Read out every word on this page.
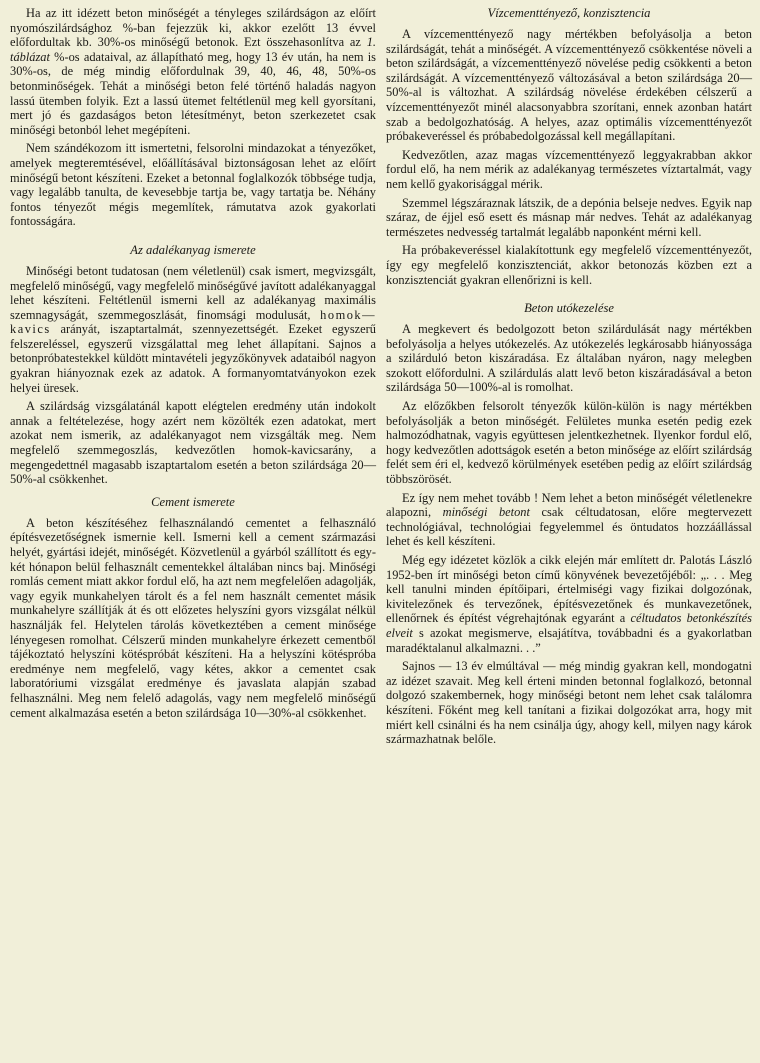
Ha az itt idézett beton minőségét a tényleges szilárdságon az előírt nyomószilárdsághoz %-ban fejezzük ki, akkor ezelőtt 13 évvel előfordultak kb. 30%-os minőségű betonok. Ezt összehasonlítva az 1. táblázat %-os adataival, az állapítható meg, hogy 13 év után, ha nem is 30%-os, de még mindig előfordulnak 39, 40, 46, 48, 50%-os betonminőségek. Tehát a minőségi beton felé történő haladás nagyon lassú ütemben folyik. Ezt a lassú ütemet feltétlenül meg kell gyorsítani, mert jó és gazdaságos beton létesítményt, beton szerkezetet csak minőségi betonból lehet megépíteni.

Nem szándékozom itt ismertetni, felsorolni mindazokat a tényezőket, amelyek megteremtésével, előállításával biztonságosan lehet az előírt minőségű betont készíteni. Ezeket a betonnal foglalkozók többsége tudja, vagy legalább tanulta, de kevesebbje tartja be, vagy tartatja be. Néhány fontos tényezőt mégis megemlítek, rámutatva azok gyakorlati fontosságára.

Az adalékanyag ismerete

Minőségi betont tudatosan (nem véletlenül) csak ismert, megvizsgált, megfelelő minőségű, vagy megfelelő minőségűvé javított adalékanyaggal lehet készíteni. Feltétlenül ismerni kell az adalékanyag maximális szemnagyságát, szemmegoszlását, finomsági modulusát, homok—kavics arányát, iszaptartalmát, szennyezettségét. Ezeket egyszerű felszereléssel, egyszerű vizsgálattal meg lehet állapítani. Sajnos a betonpróbatestekkel küldött mintavételi jegyzőkönyvek adataiból nagyon gyakran hiányoznak ezek az adatok. A formanyomtatványokon ezek helyei üresek.

A szilárdság vizsgálatánál kapott elégtelen eredmény után indokolt annak a feltételezése, hogy azért nem közölték ezen adatokat, mert azokat nem ismerik, az adalékanyagot nem vizsgálták meg. Nem megfelelő szemmegoszlás, kedvezőtlen homok-kavicsarány, a megengedettnél magasabb iszaptartalom esetén a beton szilárdsága 20—50%-al csökkenhet.

Cement ismerete

A beton készítéséhez felhasználandó cementet a felhasználó építésvezetőségnek ismernie kell. Ismerni kell a cement származási helyét, gyártási idejét, minőségét. Közvetlenül a gyárból szállított és egy-két hónapon belül felhasznált cementekkel általában nincs baj. Minőségi romlás cement miatt akkor fordul elő, ha azt nem megfelelően adagolják, vagy egyik munkahelyen tárolt és a fel nem használt cementet másik munkahelyre szállítják át és ott előzetes helyszíni gyors vizsgálat nélkül használják fel. Helytelen tárolás következtében a cement minősége lényegesen romolhat. Célszerű minden munkahelyre érkezett cementből tájékoztató helyszíni kötéspróbát készíteni. Ha a helyszíni kötéspróba eredménye nem megfelelő, vagy kétes, akkor a cementet csak laboratóriumi vizsgálat eredménye és javaslata alapján szabad felhasználni. Meg nem felelő adagolás, vagy nem megfelelő minőségű cement alkalmazása esetén a beton szilárdsága 10—30%-al csökkenhet.

Vízcementtényező, konzisztencia

A vízcementtényező nagy mértékben befolyásolja a beton szilárdságát, tehát a minőségét. A vízcementtényező csökkentése növeli a beton szilárdságát, a vízcementtényező növelése pedig csökkenti a beton szilárdságát. A vízcementtényező változásával a beton szilárdsága 20—50%-al is változhat. A szilárdság növelése érdekében célszerű a vízcementtényezőt minél alacsonyabbra szorítani, ennek azonban határt szab a bedolgozhatóság. A helyes, azaz optimális vízcementtényezőt próbakeveréssel és próbabedolgozással kell megállapítani.

Kedvezőtlen, azaz magas vízcementtényező leggyakrabban akkor fordul elő, ha nem mérik az adalékanyag természetes víztartalmát, vagy nem kellő gyakorisággal mérik.

Szemmel légszáraznak látszik, de a depónia belseje nedves. Egyik nap száraz, de éjjel eső esett és másnap már nedves. Tehát az adalékanyag természetes nedvesség tartalmát legalább naponként mérni kell.

Ha próbakeveréssel kialakítottunk egy megfelelő vízcementtényezőt, így egy megfelelő konzisztenciát, akkor betonozás közben ezt a konzisztenciát gyakran ellenőrizni is kell.

Beton utókezelése

A megkevert és bedolgozott beton szilárdulását nagy mértékben befolyásolja a helyes utókezelés. Az utókezelés legkárosabb hiányossága a szilárduló beton kiszáradása. Ez általában nyáron, nagy melegben szokott előfordulni. A szilárdulás alatt levő beton kiszáradásával a beton szilárdsága 50—100%-al is romolhat.

Az előzőkben felsorolt tényezők külön-külön is nagy mértékben befolyásolják a beton minőségét. Felületes munka esetén pedig ezek halmozódhatnak, vagyis együttesen jelentkezhetnek. Ilyenkor fordul elő, hogy kedvezőtlen adottságok esetén a beton minősége az előírt szilárdság felét sem éri el, kedvező körülmények esetében pedig az előírt szilárdság többszörösét.

Ez így nem mehet tovább ! Nem lehet a beton minőségét véletlenekre alapozni, minőségi betont csak céltudatosan, előre megtervezett technológiával, technológiai fegyelemmel és öntudatos hozzáállással lehet és kell készíteni.

Még egy idézetet közlök a cikk elején már említett dr. Palotás László 1952-ben írt minőségi beton című könyvének bevezetőjéből: „. . . Meg kell tanulni minden építőipari, értelmiségi vagy fizikai dolgozónak, kivitelezőnek és tervezőnek, építésvezetőnek és munkavezetőnek, ellenőrnek és építést végrehajtónak egyaránt a céltudatos betonkészítés elveit s azokat megismerve, elsajátítva, továbbadni és a gyakorlatban maradéktalanul alkalmazni. . .”

Sajnos — 13 év elmúltával — még mindig gyakran kell, mondogatni az idézet szavait. Meg kell érteni minden betonnal foglalkozó, betonnal dolgozó szakembernek, hogy minőségi betont nem lehet csak találomra készíteni. Főként meg kell tanítani a fizikai dolgozókat arra, hogy mit miért kell csinálni és ha nem csinálja úgy, ahogy kell, milyen nagy károk származhatnak belőle.
